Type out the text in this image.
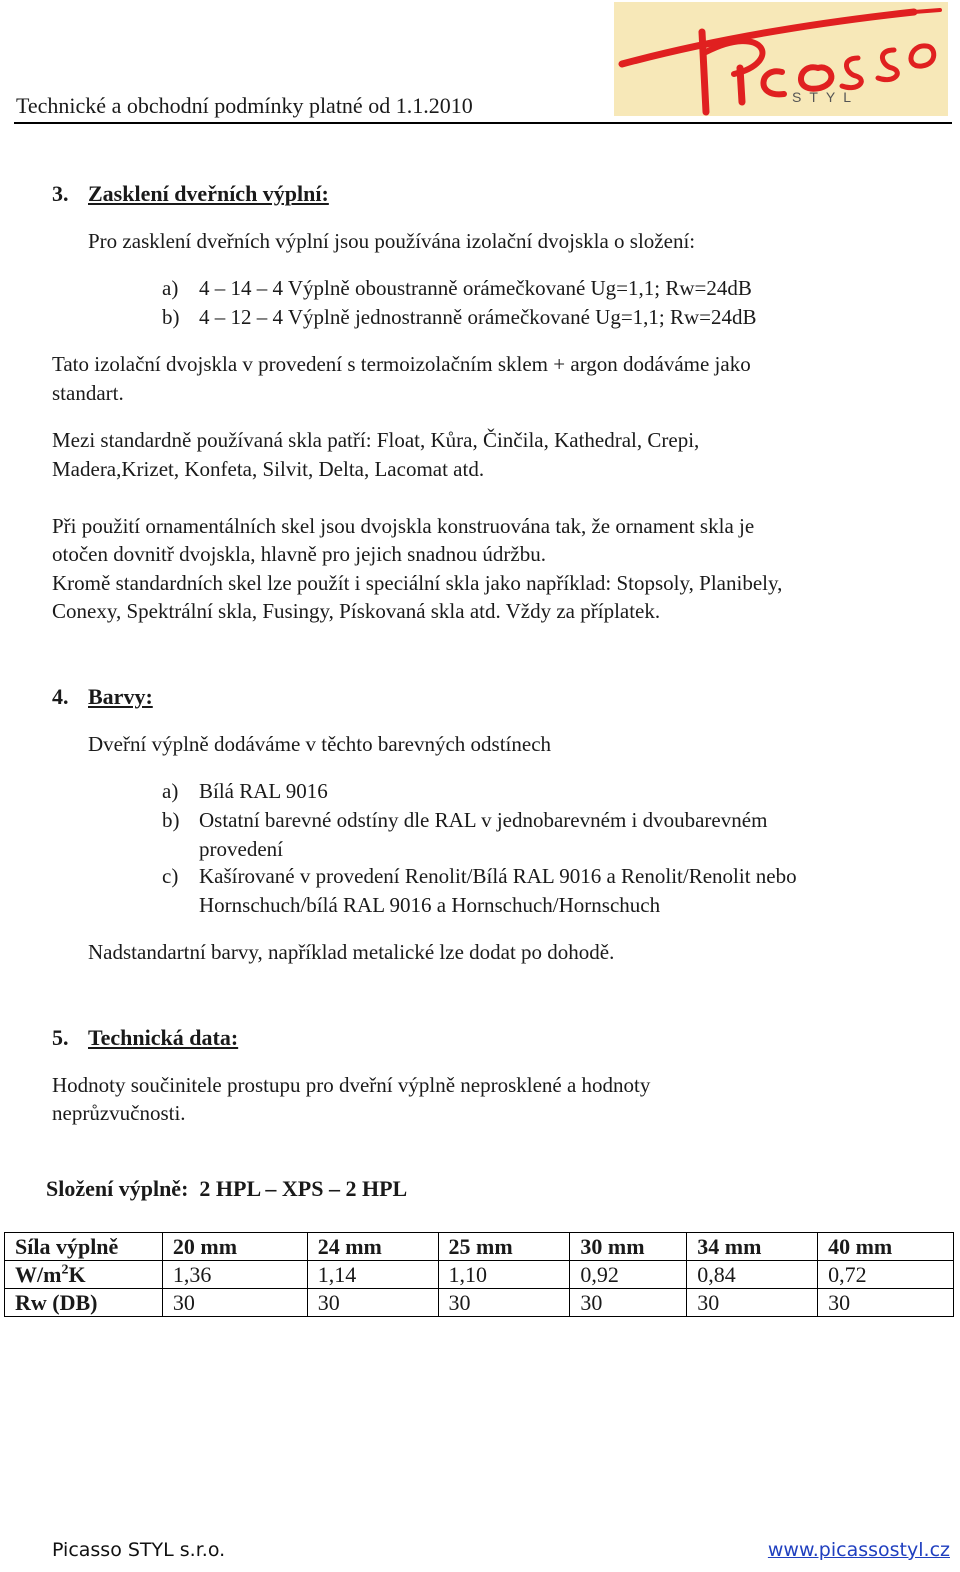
Technické a obchodní podmínky platné od 1.1.2010	STYL
3. Zasklení dveřních výplní:
Pro zasklení dveřních výplní jsou používána izolační dvojskla o složení:
a) 4 – 14 – 4 Výplně oboustranně orámečkované Ug=1,1; Rw=24dB
b) 4 – 12 – 4 Výplně jednostranně orámečkované Ug=1,1; Rw=24dB
Tato izolační dvojskla v provedení s termoizolačním sklem + argon dodáváme jako
standart.
Mezi standardně používaná skla patří: Float, Kůra, Činčila, Kathedral, Crepi,
Madera,Krizet, Konfeta, Silvit, Delta, Lacomat atd.
Při použití ornamentálních skel jsou dvojskla konstruována tak, že ornament skla je
otočen dovnitř dvojskla, hlavně pro jejich snadnou údržbu.
Kromě standardních skel lze použít i speciální skla jako například: Stopsoly, Planibely,
Conexy, Spektrální skla, Fusingy, Pískovaná skla atd. Vždy za příplatek.
4. Barvy:
Dveřní výplně dodáváme v těchto barevných odstínech
a) Bílá RAL 9016
b) Ostatní barevné odstíny dle RAL v jednobarevném i dvoubarevném
provedení
c) Kašírované v provedení Renolit/Bílá RAL 9016 a Renolit/Renolit nebo
Hornschuch/bílá RAL 9016 a Hornschuch/Hornschuch
Nadstandartní barvy, například metalické lze dodat po dohodě.
5. Technická data:
Hodnoty součinitele prostupu pro dveřní výplně neprosklené a hodnoty
neprůzvučnosti.
Složení výplně:  2 HPL – XPS – 2 HPL
Síla výplně	20 mm	24 mm	25 mm	30 mm	34 mm	40 mm
$W/m^2K$	1,36	1,14	1,10	0,92	0,84	0,72
Rw (DB)	30	30	30	30	30	30
Picasso STYL s.r.o.	www.picassostyl.cz
